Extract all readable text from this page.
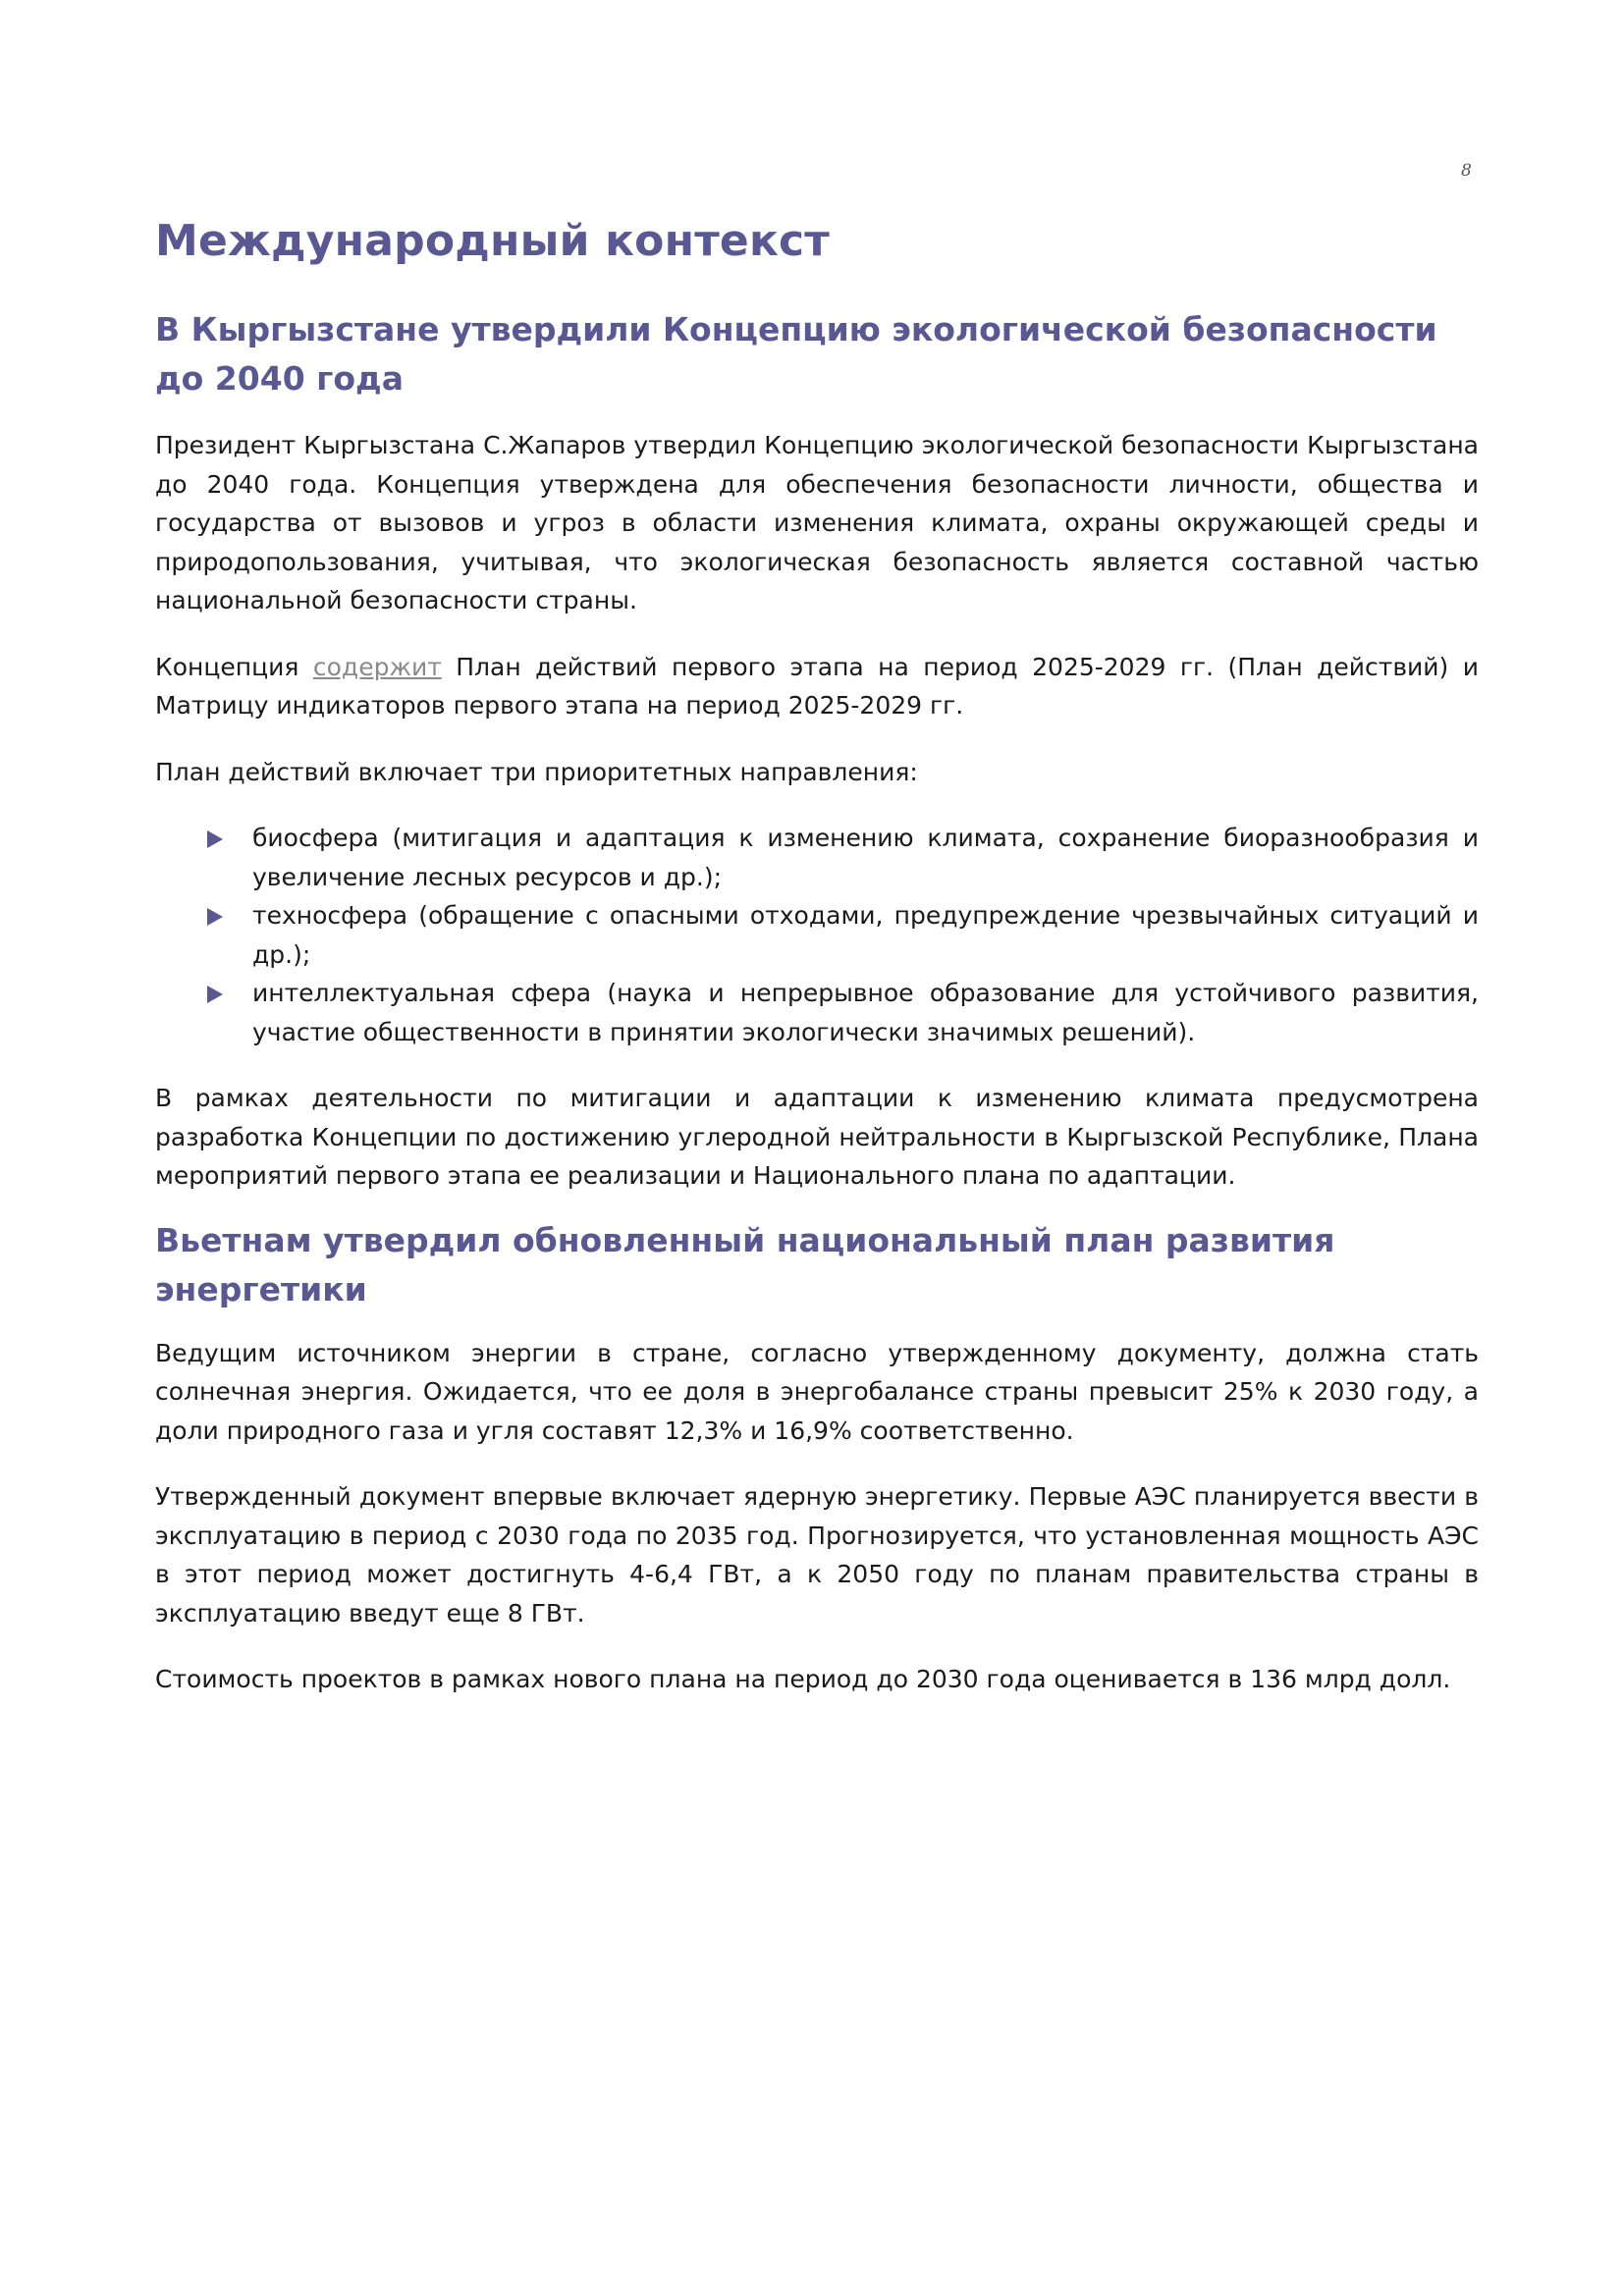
8
Международный контекст
В Кыргызстане утвердили Концепцию экологической безопасности до 2040 года

Президент Кыргызстана С.Жапаров утвердил Концепцию экологической безопасности Кыргызстана до 2040 года. Концепция утверждена для обеспечения безопасности личности, общества и государства от вызовов и угроз в области изменения климата, охраны окружающей среды и природопользования, учитывая, что экологическая безопасность является составной частью национальной безопасности страны.

Концепция содержит План действий первого этапа на период 2025-2029 гг. (План действий) и Матрицу индикаторов первого этапа на период 2025-2029 гг.

План действий включает три приоритетных направления:

биосфера (митигация и адаптация к изменению климата, сохранение биоразнообразия и увеличение лесных ресурсов и др.);
техносфера (обращение с опасными отходами, предупреждение чрезвычайных ситуаций и др.);
интеллектуальная сфера (наука и непрерывное образование для устойчивого развития, участие общественности в принятии экологически значимых решений).

В рамках деятельности по митигации и адаптации к изменению климата предусмотрена разработка Концепции по достижению углеродной нейтральности в Кыргызской Республике, Плана мероприятий первого этапа ее реализации и Национального плана по адаптации.

Вьетнам утвердил обновленный национальный план развития энергетики

Ведущим источником энергии в стране, согласно утвержденному документу, должна стать солнечная энергия. Ожидается, что ее доля в энергобалансе страны превысит 25% к 2030 году, а доли природного газа и угля составят 12,3% и 16,9% соответственно.

Утвержденный документ впервые включает ядерную энергетику. Первые АЭС планируется ввести в эксплуатацию в период с 2030 года по 2035 год. Прогнозируется, что установленная мощность АЭС в этот период может достигнуть 4-6,4 ГВт, а к 2050 году по планам правительства страны в эксплуатацию введут еще 8 ГВт.

Стоимость проектов в рамках нового плана на период до 2030 года оценивается в 136 млрд долл.
